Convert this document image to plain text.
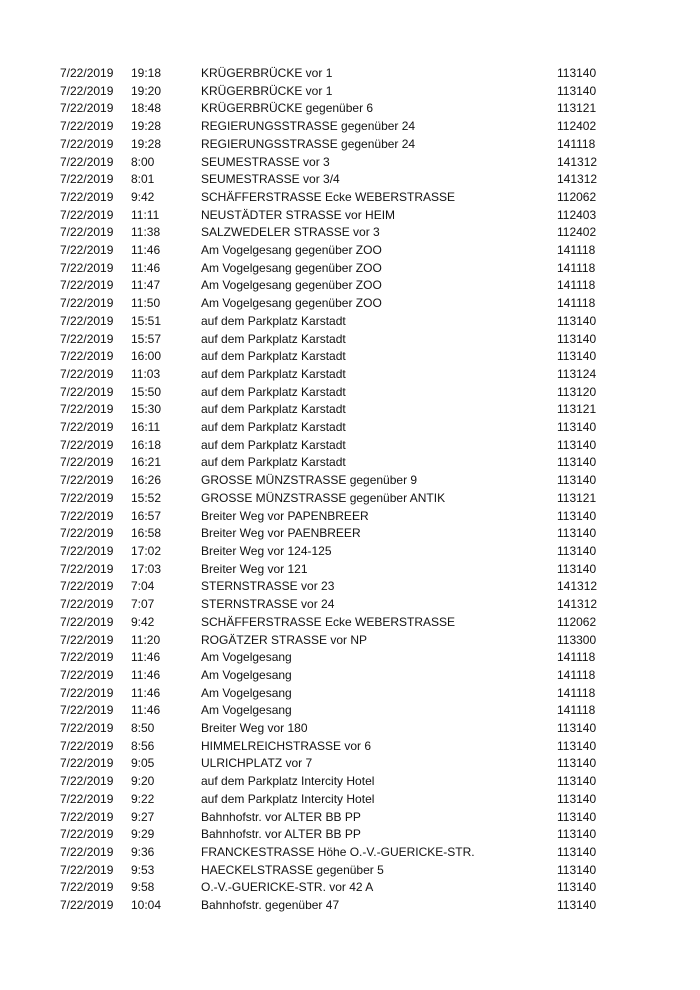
7/22/2019	19:18	KRÜGERBRÜCKE vor 1	113140
7/22/2019	19:20	KRÜGERBRÜCKE vor 1	113140
7/22/2019	18:48	KRÜGERBRÜCKE gegenüber 6	113121
7/22/2019	19:28	REGIERUNGSSTRASSE gegenüber 24	112402
7/22/2019	19:28	REGIERUNGSSTRASSE gegenüber 24	141118
7/22/2019	8:00	SEUMESTRASSE vor 3	141312
7/22/2019	8:01	SEUMESTRASSE vor 3/4	141312
7/22/2019	9:42	SCHÄFFERSTRASSE Ecke WEBERSTRASSE	112062
7/22/2019	11:11	NEUSTÄDTER STRASSE vor HEIM	112403
7/22/2019	11:38	SALZWEDELER STRASSE vor 3	112402
7/22/2019	11:46	Am Vogelgesang gegenüber ZOO	141118
7/22/2019	11:46	Am Vogelgesang gegenüber ZOO	141118
7/22/2019	11:47	Am Vogelgesang gegenüber ZOO	141118
7/22/2019	11:50	Am Vogelgesang gegenüber ZOO	141118
7/22/2019	15:51	auf dem Parkplatz Karstadt	113140
7/22/2019	15:57	auf dem Parkplatz Karstadt	113140
7/22/2019	16:00	auf dem Parkplatz Karstadt	113140
7/22/2019	11:03	auf dem Parkplatz Karstadt	113124
7/22/2019	15:50	auf dem Parkplatz Karstadt	113120
7/22/2019	15:30	auf dem Parkplatz Karstadt	113121
7/22/2019	16:11	auf dem Parkplatz Karstadt	113140
7/22/2019	16:18	auf dem Parkplatz Karstadt	113140
7/22/2019	16:21	auf dem Parkplatz Karstadt	113140
7/22/2019	16:26	GROSSE MÜNZSTRASSE gegenüber 9	113140
7/22/2019	15:52	GROSSE MÜNZSTRASSE gegenüber ANTIK	113121
7/22/2019	16:57	Breiter Weg vor PAPENBREER	113140
7/22/2019	16:58	Breiter Weg vor PAENBREER	113140
7/22/2019	17:02	Breiter Weg vor 124-125	113140
7/22/2019	17:03	Breiter Weg vor 121	113140
7/22/2019	7:04	STERNSTRASSE vor 23	141312
7/22/2019	7:07	STERNSTRASSE vor 24	141312
7/22/2019	9:42	SCHÄFFERSTRASSE Ecke WEBERSTRASSE	112062
7/22/2019	11:20	ROGÄTZER STRASSE vor NP	113300
7/22/2019	11:46	Am Vogelgesang	141118
7/22/2019	11:46	Am Vogelgesang	141118
7/22/2019	11:46	Am Vogelgesang	141118
7/22/2019	11:46	Am Vogelgesang	141118
7/22/2019	8:50	Breiter Weg vor 180	113140
7/22/2019	8:56	HIMMELREICHSTRASSE vor 6	113140
7/22/2019	9:05	ULRICHPLATZ vor 7	113140
7/22/2019	9:20	auf dem Parkplatz Intercity Hotel	113140
7/22/2019	9:22	auf dem Parkplatz Intercity Hotel	113140
7/22/2019	9:27	Bahnhofstr. vor ALTER BB PP	113140
7/22/2019	9:29	Bahnhofstr. vor ALTER BB PP	113140
7/22/2019	9:36	FRANCKESTRASSE Höhe O.-V.-GUERICKE-STR.	113140
7/22/2019	9:53	HAECKELSTRASSE gegenüber 5	113140
7/22/2019	9:58	O.-V.-GUERICKE-STR. vor 42 A	113140
7/22/2019	10:04	Bahnhofstr. gegenüber 47	113140
